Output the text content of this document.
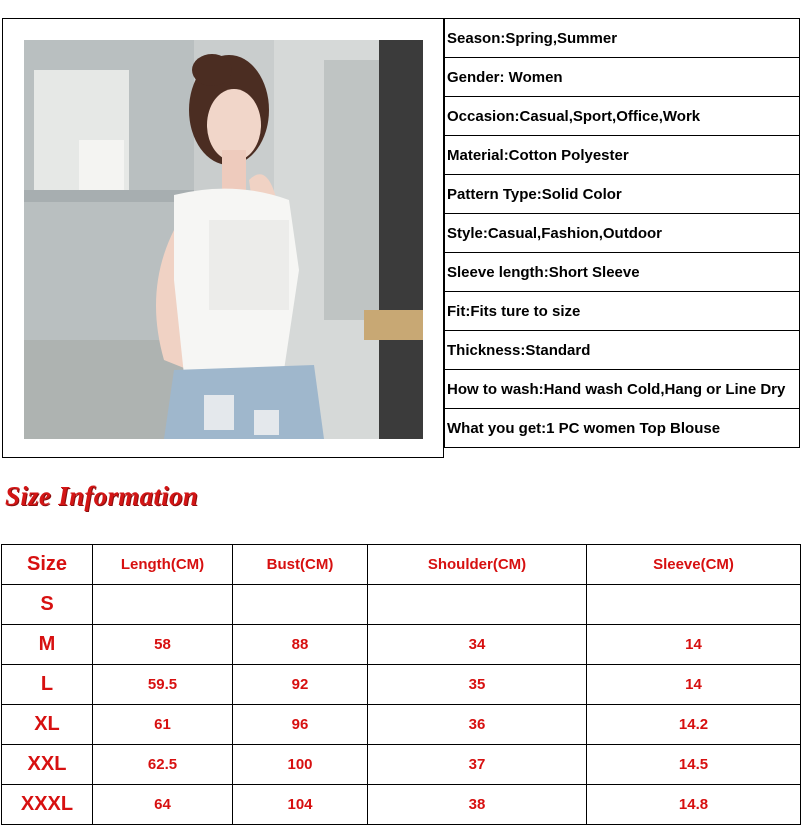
Season:Spring,Summer
Gender: Women
Occasion:Casual,Sport,Office,Work
Material:Cotton Polyester
Pattern Type:Solid Color
Style:Casual,Fashion,Outdoor
Sleeve length:Short Sleeve
Fit:Fits ture to size
Thickness:Standard
How to wash:Hand wash Cold,Hang or Line Dry
What you get:1 PC women Top Blouse
Size Information
Size	Length(CM)	Bust(CM)	Shoulder(CM)	Sleeve(CM)
S				
M	58	88	34	14
L	59.5	92	35	14
XL	61	96	36	14.2
XXL	62.5	100	37	14.5
XXXL	64	104	38	14.8
